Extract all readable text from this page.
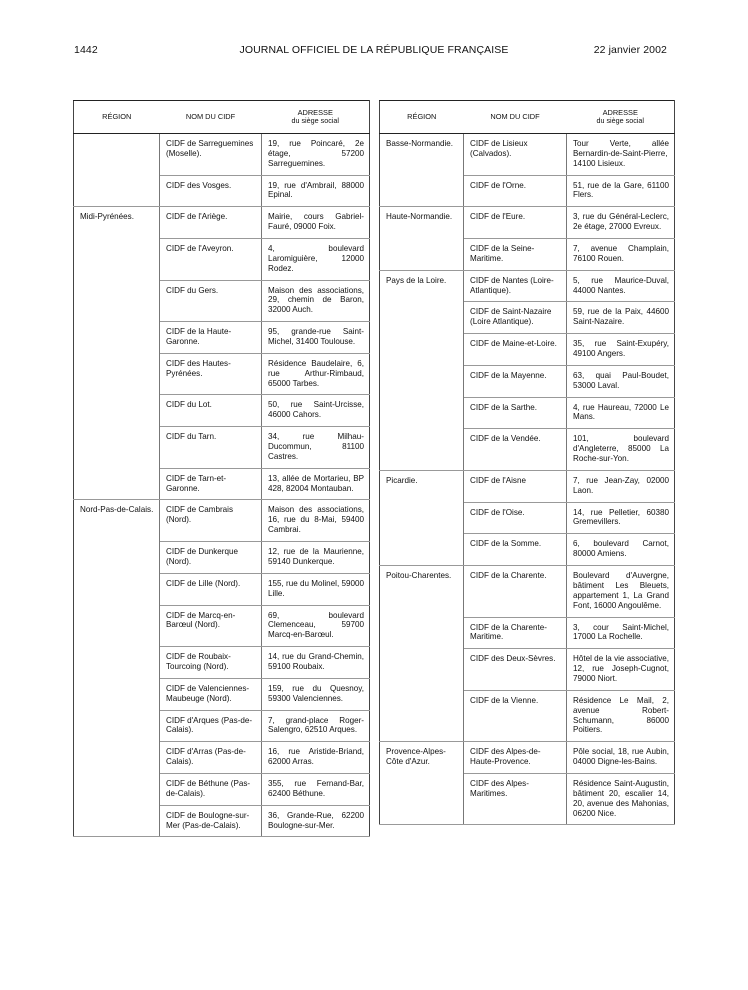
1442	JOURNAL OFFICIEL DE LA RÉPUBLIQUE FRANÇAISE	22 janvier 2002
RÉGION	NOM DU CIDF	ADRESSE
du siège social

	CIDF de Sarreguemines (Moselle).	19, rue Poincaré, 2e étage, 57200 Sarreguemines.
	CIDF des Vosges.	19, rue d'Ambrail, 88000 Epinal.
Midi-Pyrénées.	CIDF de l'Ariège.	Mairie, cours Gabriel-Fauré, 09000 Foix.
	CIDF de l'Aveyron.	4, boulevard Laromiguière, 12000 Rodez.
	CIDF du Gers.	Maison des associations, 29, chemin de Baron, 32000 Auch.
	CIDF de la Haute-Garonne.	95, grande-rue Saint-Michel, 31400 Toulouse.
	CIDF des Hautes-Pyrénées.	Résidence Baudelaire, 6, rue Arthur-Rimbaud, 65000 Tarbes.
	CIDF du Lot.	50, rue Saint-Urcisse, 46000 Cahors.
	CIDF du Tarn.	34, rue Milhau-Ducommun, 81100 Castres.
	CIDF de Tarn-et-Garonne.	13, allée de Mortarieu, BP 428, 82004 Montauban.
Nord-Pas-de-Calais.	CIDF de Cambrais (Nord).	Maison des associations, 16, rue du 8-Mai, 59400 Cambrai.
	CIDF de Dunkerque (Nord).	12, rue de la Maurienne, 59140 Dunkerque.
	CIDF de Lille (Nord).	155, rue du Molinel, 59000 Lille.
	CIDF de Marcq-en-Barœul (Nord).	69, boulevard Clemenceau, 59700 Marcq-en-Barœul.
	CIDF de Roubaix-Tourcoing (Nord).	14, rue du Grand-Chemin, 59100 Roubaix.
	CIDF de Valenciennes-Maubeuge (Nord).	159, rue du Quesnoy, 59300 Valenciennes.
	CIDF d'Arques (Pas-de-Calais).	7, grand-place Roger-Salengro, 62510 Arques.
	CIDF d'Arras (Pas-de-Calais).	16, rue Aristide-Briand, 62000 Arras.
	CIDF de Béthune (Pas-de-Calais).	355, rue Fernand-Bar, 62400 Béthune.
	CIDF de Boulogne-sur-Mer (Pas-de-Calais).	36, Grande-Rue, 62200 Boulogne-sur-Mer.
RÉGION	NOM DU CIDF	ADRESSE
du siège social

Basse-Normandie.	CIDF de Lisieux (Calvados).	Tour Verte, allée Bernardin-de-Saint-Pierre, 14100 Lisieux.
	CIDF de l'Orne.	51, rue de la Gare, 61100 Flers.
Haute-Normandie.	CIDF de l'Eure.	3, rue du Général-Leclerc, 2e étage, 27000 Evreux.
	CIDF de la Seine-Maritime.	7, avenue Champlain, 76100 Rouen.
Pays de la Loire.	CIDF de Nantes (Loire-Atlantique).	5, rue Maurice-Duval, 44000 Nantes.
	CIDF de Saint-Nazaire (Loire Atlantique).	59, rue de la Paix, 44600 Saint-Nazaire.
	CIDF de Maine-et-Loire.	35, rue Saint-Exupéry, 49100 Angers.
	CIDF de la Mayenne.	63, quai Paul-Boudet, 53000 Laval.
	CIDF de la Sarthe.	4, rue Haureau, 72000 Le Mans.
	CIDF de la Vendée.	101, boulevard d'Angleterre, 85000 La Roche-sur-Yon.
Picardie.	CIDF de l'Aisne	7, rue Jean-Zay, 02000 Laon.
	CIDF de l'Oise.	14, rue Pelletier, 60380 Gremevillers.
	CIDF de la Somme.	6, boulevard Carnot, 80000 Amiens.
Poitou-Charentes.	CIDF de la Charente.	Boulevard d'Auvergne, bâtiment Les Bleuets, appartement 1, La Grand Font, 16000 Angoulême.
	CIDF de la Charente-Maritime.	3, cour Saint-Michel, 17000 La Rochelle.
	CIDF des Deux-Sèvres.	Hôtel de la vie associative, 12, rue Joseph-Cugnot, 79000 Niort.
	CIDF de la Vienne.	Résidence Le Mail, 2, avenue Robert-Schumann, 86000 Poitiers.
Provence-Alpes-Côte d'Azur.	CIDF des Alpes-de-Haute-Provence.	Pôle social, 18, rue Aubin, 04000 Digne-les-Bains.
	CIDF des Alpes-Maritimes.	Résidence Saint-Augustin, bâtiment 20, escalier 14, 20, avenue des Mahonias, 06200 Nice.
